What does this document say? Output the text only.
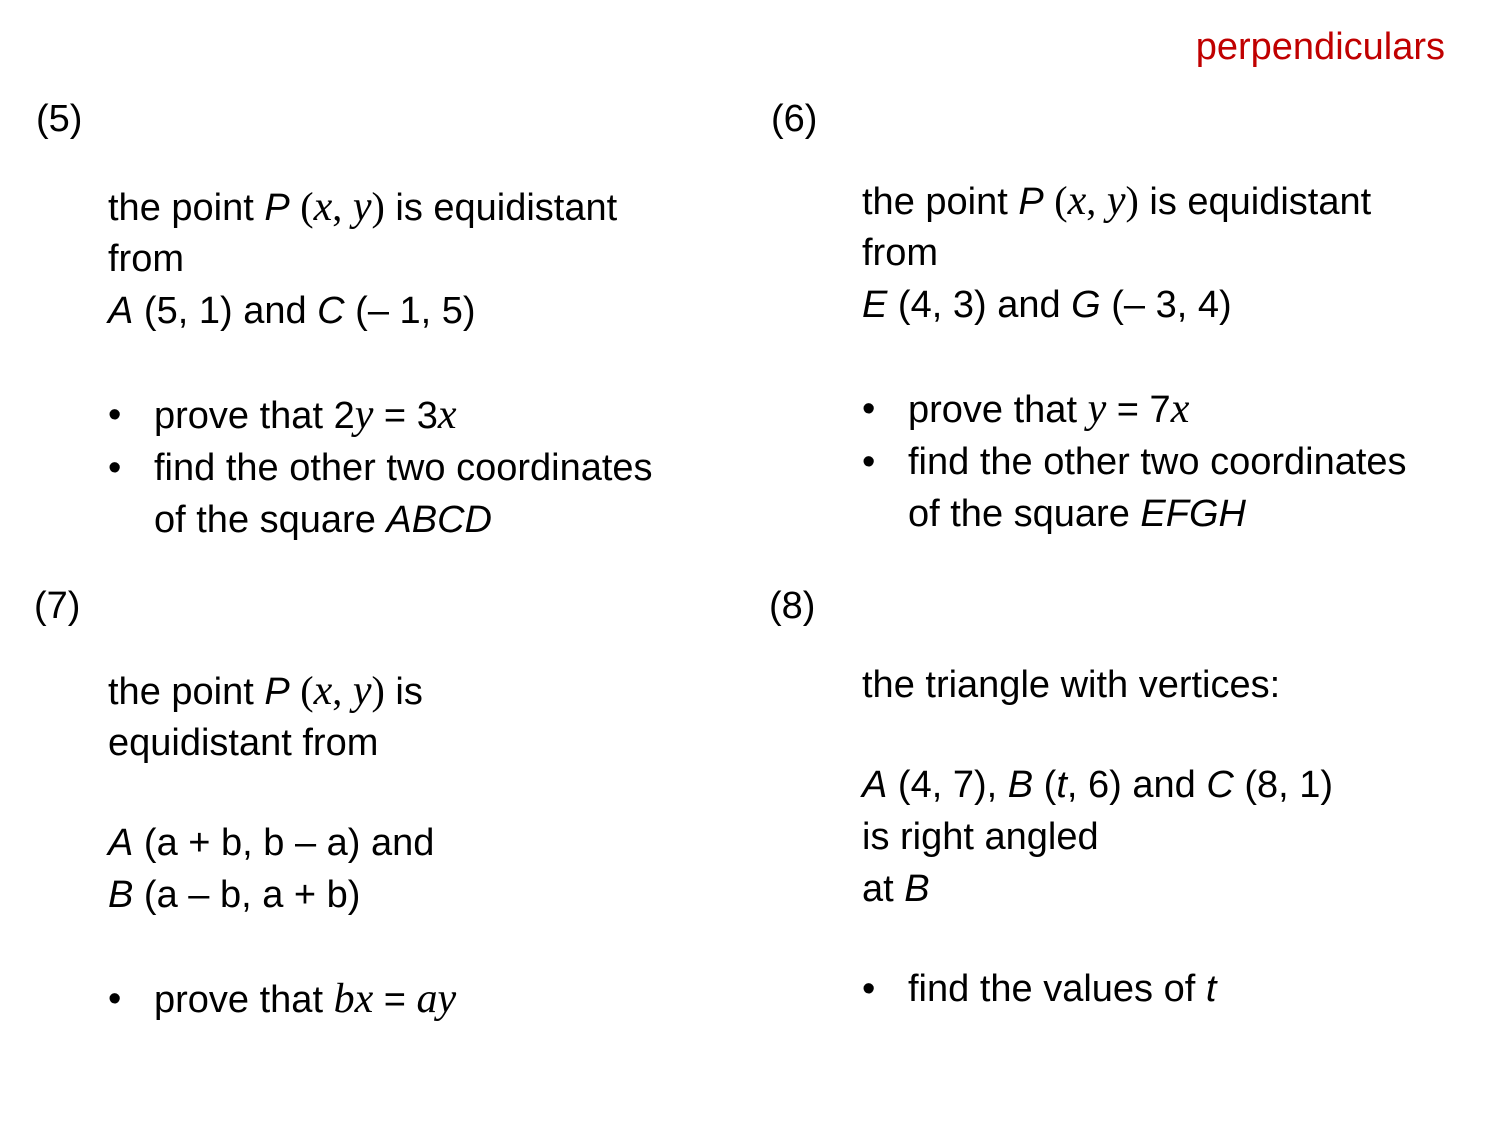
perpendiculars
(5)
the point P (x, y) is equidistant
from
A (5, 1) and C (– 1, 5)
• prove that 2y = 3x
• find the other two coordinates
of the square ABCD
(6)
the point P (x, y) is equidistant
from
E (4, 3) and G (– 3, 4)
• prove that y = 7x
• find the other two coordinates
of the square EFGH
(7)
the point P (x, y) is
equidistant from
A (a + b, b – a) and
B (a – b, a + b)
• prove that bx = ay
(8)
the triangle with vertices:
A (4, 7), B (t, 6) and C (8, 1)
is right angled
at B
• find the values of t
